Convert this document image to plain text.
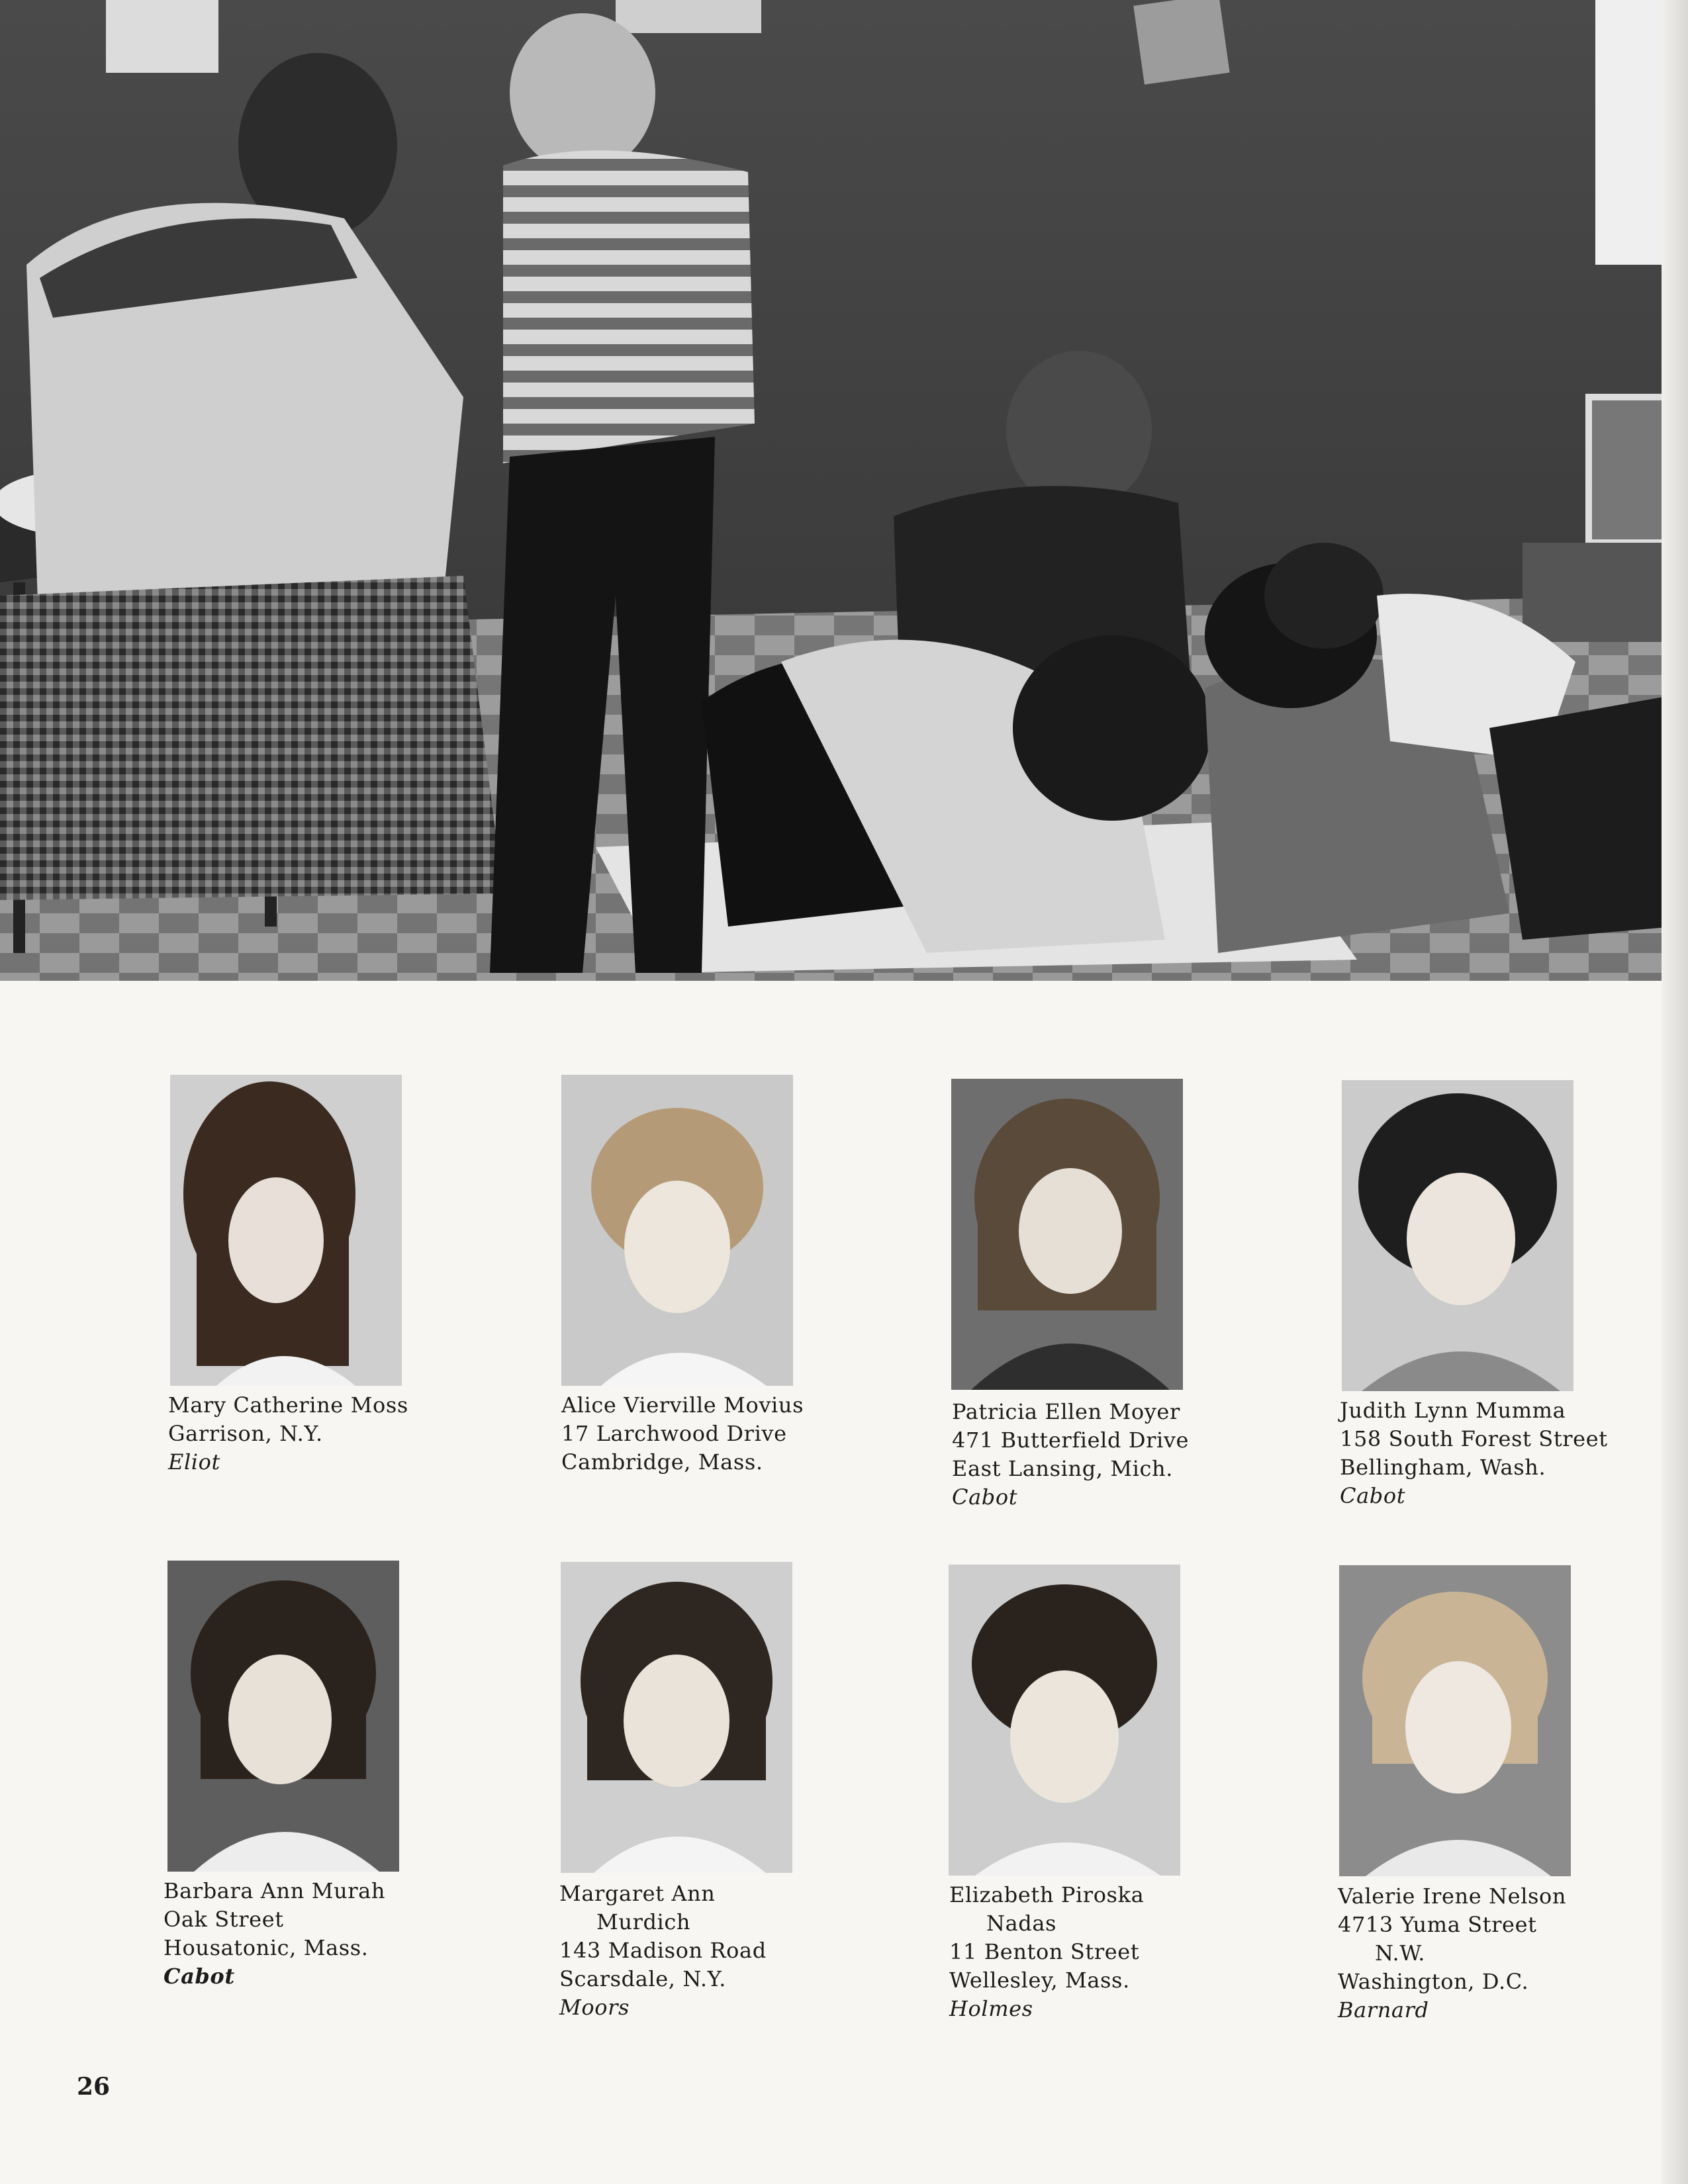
Mary Catherine Moss
Garrison, N.Y.
Eliot
Alice Vierville Movius
17 Larchwood Drive
Cambridge, Mass.
Patricia Ellen Moyer
471 Butterfield Drive
East Lansing, Mich.
Cabot
Judith Lynn Mumma
158 South Forest Street
Bellingham, Wash.
Cabot
Barbara Ann Murah
Oak Street
Housatonic, Mass.
Cabot
Margaret Ann
Murdich
143 Madison Road
Scarsdale, N.Y.
Moors
Elizabeth Piroska
Nadas
11 Benton Street
Wellesley, Mass.
Holmes
Valerie Irene Nelson
4713 Yuma Street
N.W.
Washington, D.C.
Barnard
26
